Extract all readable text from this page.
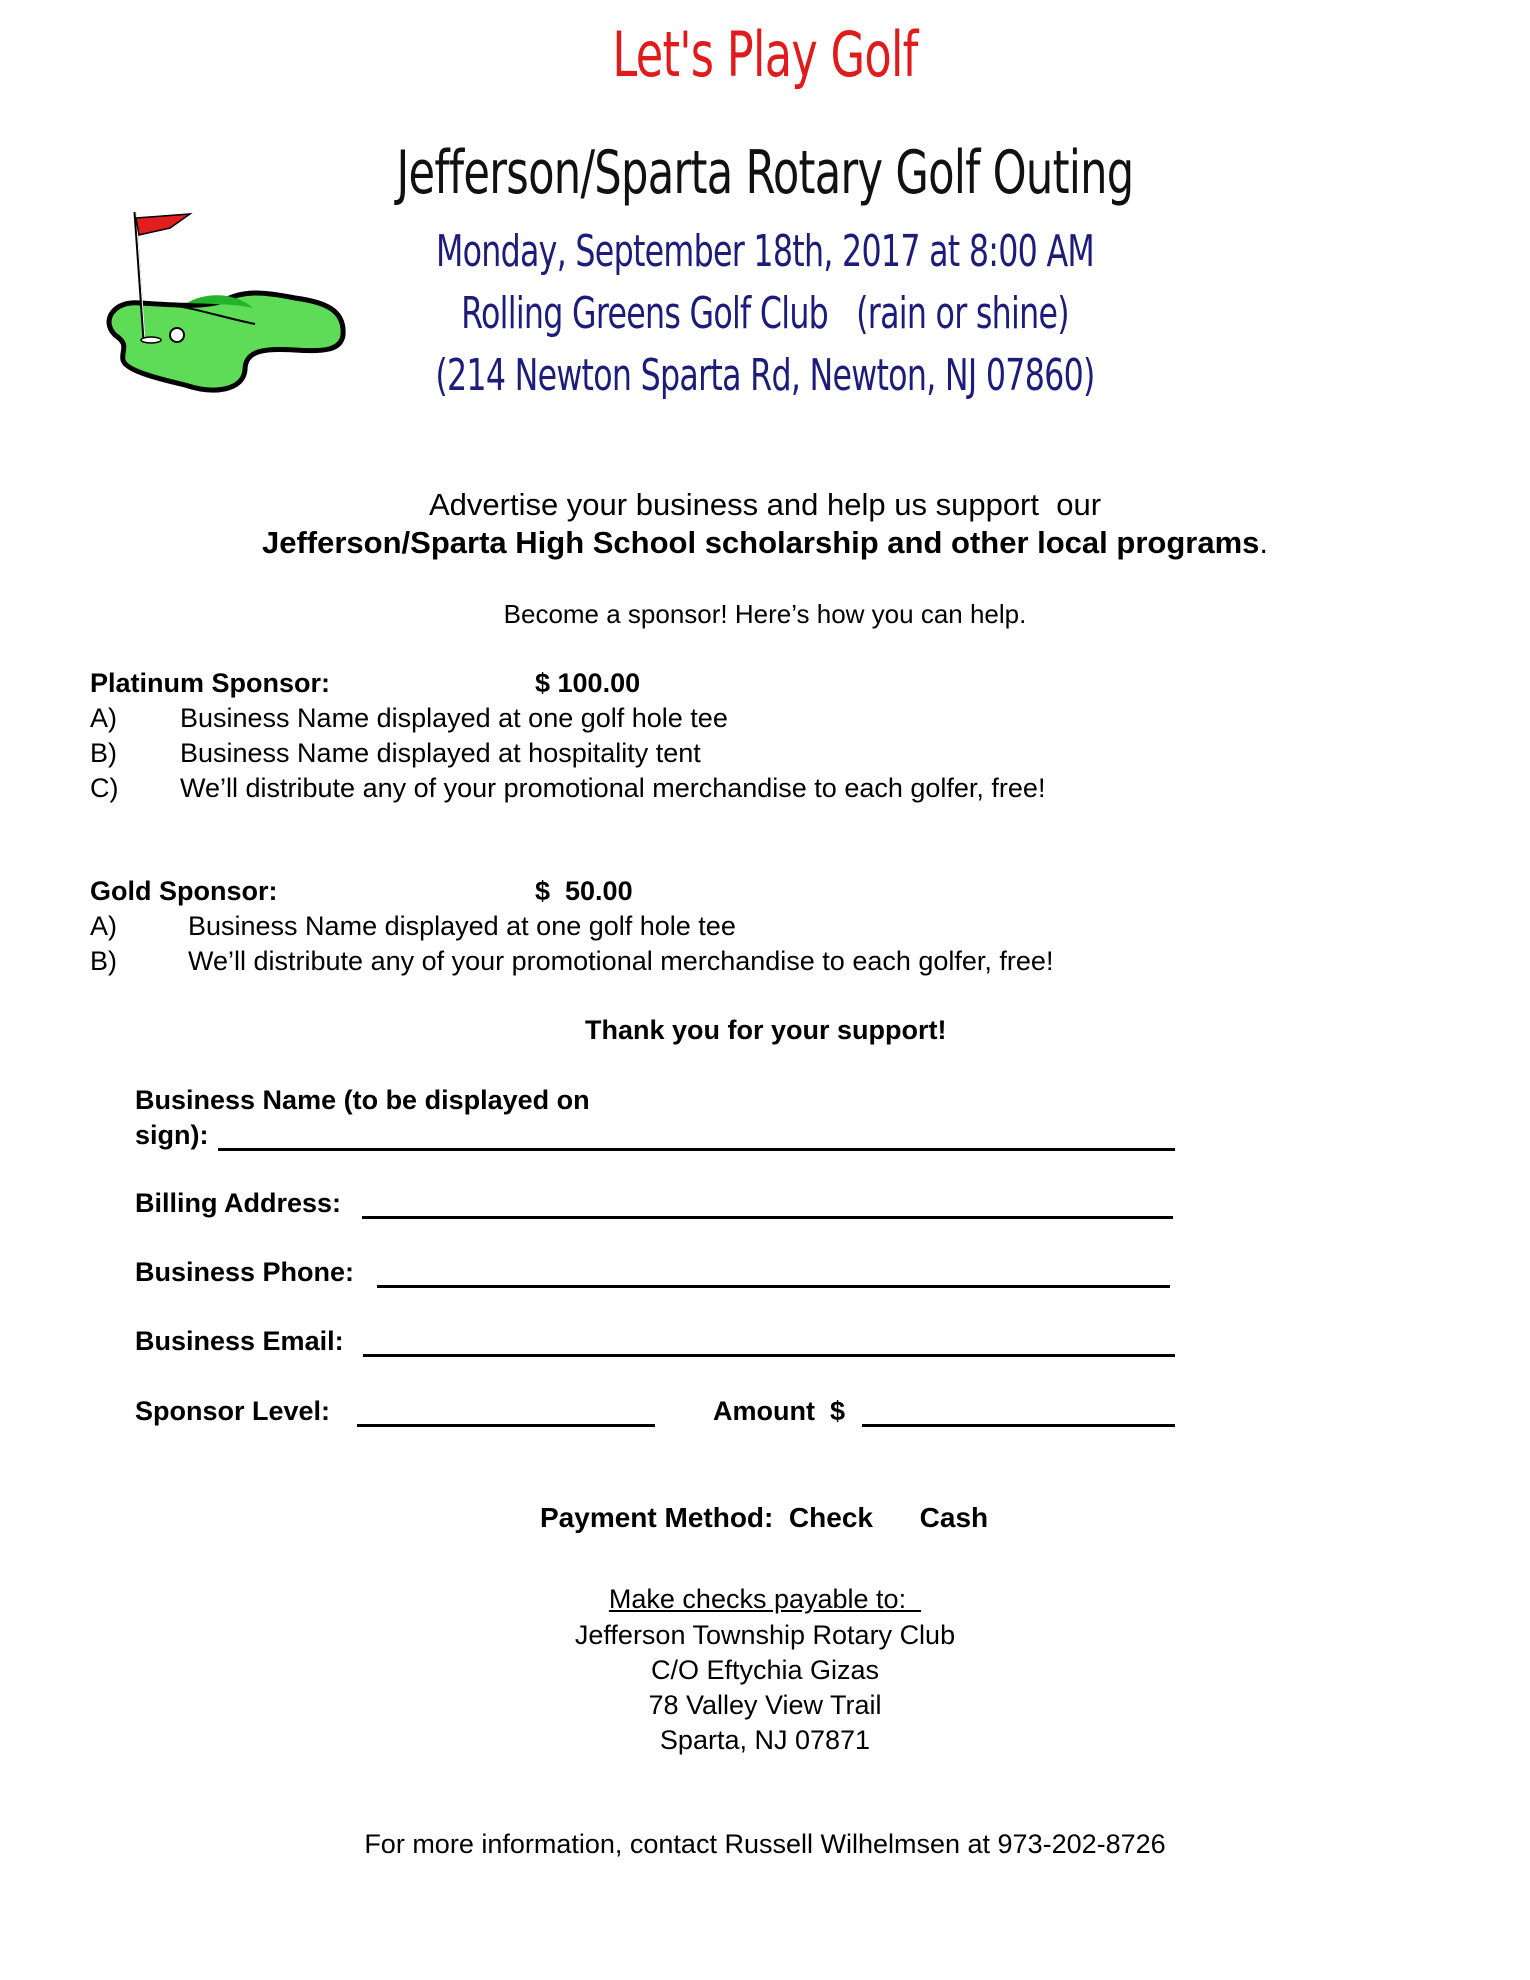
Let's Play Golf
Jefferson/Sparta Rotary Golf Outing
Monday, September 18th, 2017 at 8:00 AM
Rolling Greens Golf Club   (rain or shine)
(214 Newton Sparta Rd, Newton, NJ 07860)
Advertise your business and help us support  our
Jefferson/Sparta High School scholarship and other local programs.
Become a sponsor! Here’s how you can help.
Platinum Sponsor:	$ 100.00
A) Business Name displayed at one golf hole tee
B) Business Name displayed at hospitality tent
C) We’ll distribute any of your promotional merchandise to each golfer, free!
Gold Sponsor:	$  50.00
A)	Business Name displayed at one golf hole tee
B)	We’ll distribute any of your promotional merchandise to each golfer, free!
Thank you for your support!
Business Name (to be displayed on
sign):
Billing Address:
Business Phone:
Business Email:
Sponsor Level:	Amount  $
Payment Method: Check Cash
Make checks payable to:
Jefferson Township Rotary Club
C/O Eftychia Gizas
78 Valley View Trail
Sparta, NJ 07871
For more information, contact Russell Wilhelmsen at 973-202-8726
